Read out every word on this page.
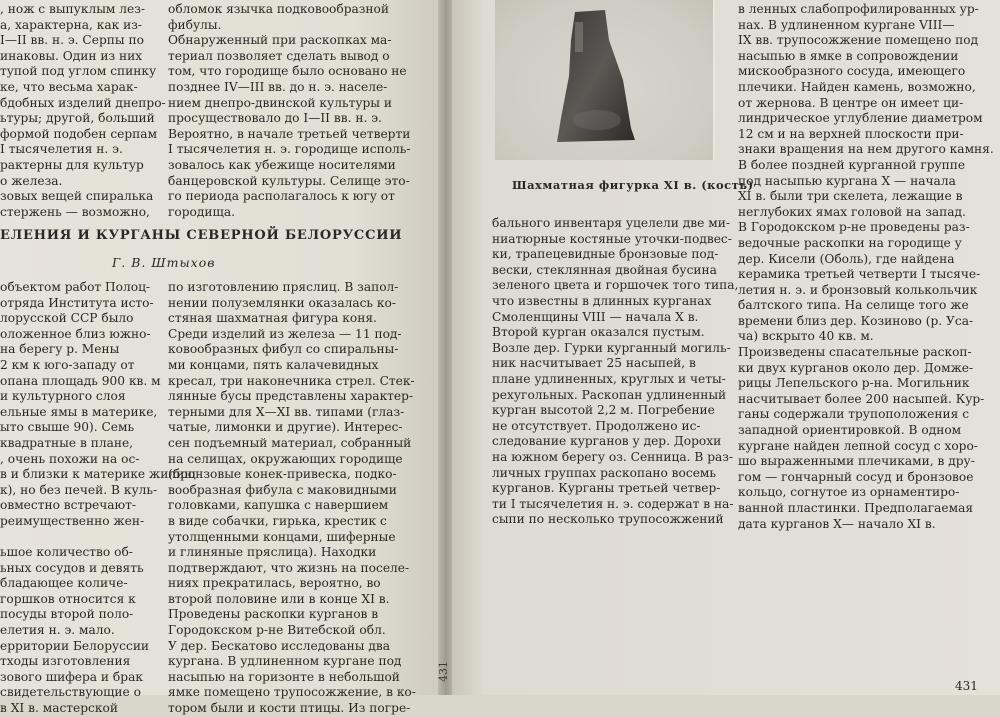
, нож с выпуклым лез-

а, характерна, как из-

I—II вв. н. э. Серпы по

инаковы. Один из них

тупой под углом спинку

ке, что весьма харак-

бдобных изделий днепро-

ьтуры; другой, больший

формой подобен серпам

I тысячелетия н. э.

рактерны для культур

о железа.

зовых вещей спиралька

стержень — возможно,

обломок язычка подковообразной

фибулы.

Обнаруженный при раскопках ма-

териал позволяет сделать вывод о

том, что городище было основано не

позднее IV—III вв. до н. э. населе-

нием днепро-двинской культуры и

просуществовало до I—II вв. н. э.

Вероятно, в начале третьей четверти

I тысячелетия н. э. городище исполь-

зовалось как убежище носителями

банцеровской культуры. Селище это-

го периода располагалось к югу от

городища.

ЕЛЕНИЯ И КУРГАНЫ СЕВЕРНОЙ БЕЛОРУССИИ
Г. В. Штыхов

объектом работ Полоц-

отряда Института исто-

лорусской ССР было

оложенное близ южно-

на берегу р. Мены

2 км к юго-западу от

опана площадь 900 кв. м

и культурного слоя

ельные ямы в материке,

ыто свыше 90). Семь

квадратные в плане,

, очень похожи на ос-

в и близки к материке жилищ

к), но без печей. В куль-

овместно встречают-

реимущественно жен-

ьшое количество об-

ьных сосудов и девять

бладающее количе-

горшков относится к

посуды второй поло-

елетия н. э. мало.

ерритории Белоруссии

тходы изготовления

зового шифера и брак

свидетельствующие о

в XI в. мастерской

по изготовлению пряслиц. В запол-

нении полуземлянки оказалась ко-

стяная шахматная фигура коня.

Среди изделий из железа — 11 под-

ковообразных фибул со спиральны-

ми концами, пять калачевидных

кресал, три наконечника стрел. Стек-

лянные бусы представлены характер-

терными для X—XI вв. типами (глаз-

чатые, лимонки и другие). Интерес-

сен подъемный материал, собранный

на селищах, окружающих городище

(бронзовые конек-привеска, подко-

вообразная фибула с маковидными

головками, капушка с навершием

в виде собачки, гирька, крестик с

утолщенными концами, шиферные

и глиняные пряслица). Находки

подтверждают, что жизнь на поселе-

ниях прекратилась, вероятно, во

второй половине или в конце XI в.

Проведены раскопки курганов в

Городокском р-не Витебской обл.

У дер. Бескатово исследованы два

кургана. В удлиненном кургане под

насыпью на горизонте в небольшой

ямке помещено трупосожжение, в ко-

тором были и кости птицы. Из погре-

431
Шахматная фигурка XI в. (кость)

бального инвентаря уцелели две ми-

ниатюрные костяные уточки-подвес-

ки, трапецевидные бронзовые под-

вески, стеклянная двойная бусина

зеленого цвета и горшочек того типа,

что известны в длинных курганах

Смоленщины VIII — начала X в.

Второй курган оказался пустым.

Возле дер. Гурки курганный могиль-

ник насчитывает 25 насыпей, в

плане удлиненных, круглых и четы-

рехугольных. Раскопан удлиненный

курган высотой 2,2 м. Погребение

не отсутствует. Продолжено ис-

следование курганов у дер. Дорохи

на южном берегу оз. Сенница. В раз-

личных группах раскопано восемь

курганов. Курганы третьей четвер-

ти I тысячелетия н. э. содержат в на-

сыпи по несколько трупосожжений

в ленных слабопрофилированных ур-

нах. В удлиненном кургане VIII—

IX вв. трупосожжение помещено под

насыпью в ямке в сопровождении

мискообразного сосуда, имеющего

плечики. Найден камень, возможно,

от жернова. В центре он имеет ци-

линдрическое углубление диаметром

12 см и на верхней плоскости при-

знаки вращения на нем другого камня.

В более поздней курганной группе

под насыпью кургана X — начала

XI в. были три скелета, лежащие в

неглубоких ямах головой на запад.

В Городокском р-не проведены раз-

ведочные раскопки на городище у

дер. Кисели (Оболь), где найдена

керамика третьей четверти I тысяче-

летия н. э. и бронзовый колькольчик

балтского типа. На селище того же

времени близ дер. Козиново (р. Уса-

ча) вскрыто 40 кв. м.

Произведены спасательные раскоп-

ки двух курганов около дер. Домже-

рицы Лепельского р-на. Могильник

насчитывает более 200 насыпей. Кур-

ганы содержали трупоположения с

западной ориентировкой. В одном

кургане найден лепной сосуд с хоро-

шо выраженными плечиками, в дру-

гом — гончарный сосуд и бронзовое

кольцо, согнутое из орнаментиро-

ванной пластинки. Предполагаемая

дата курганов X— начало XI в.

431
